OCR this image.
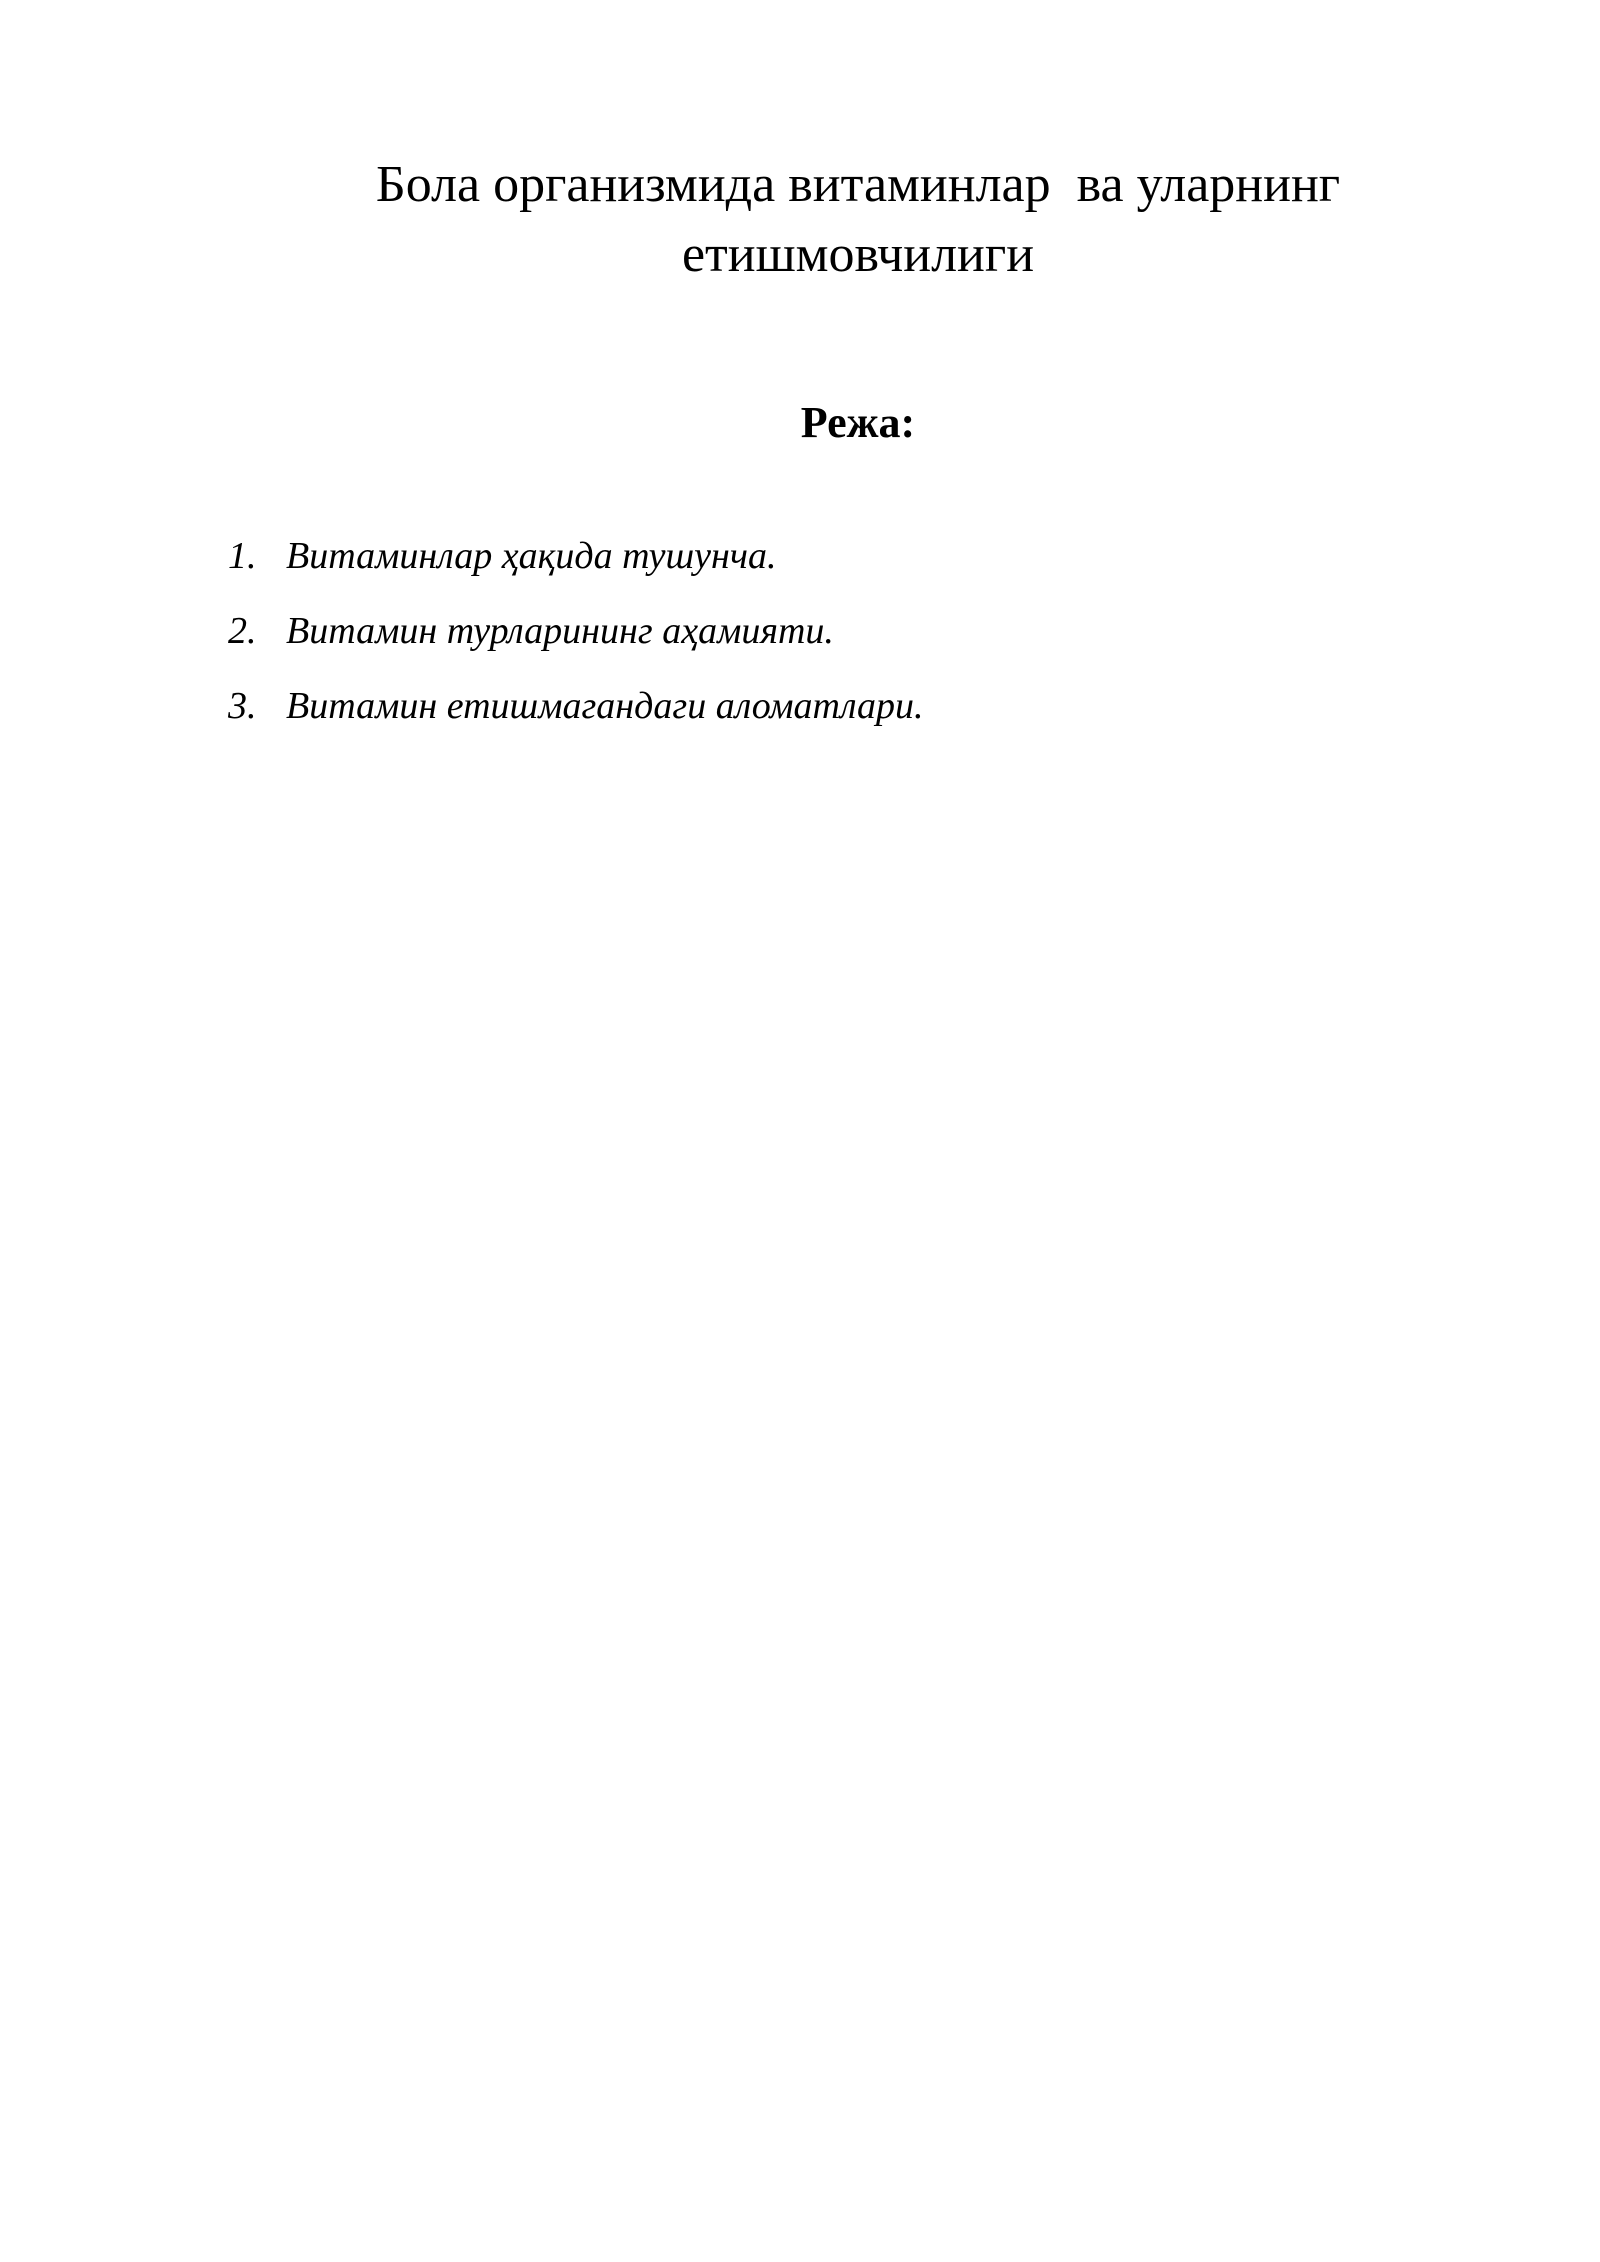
Бола организмида витаминлар  ва уларнинг
етишмовчилиги
Режа:
1. Витаминлар ҳақида тушунча.
2. Витамин турларининг аҳамияти.
3. Витамин етишмагандаги аломатлари.
